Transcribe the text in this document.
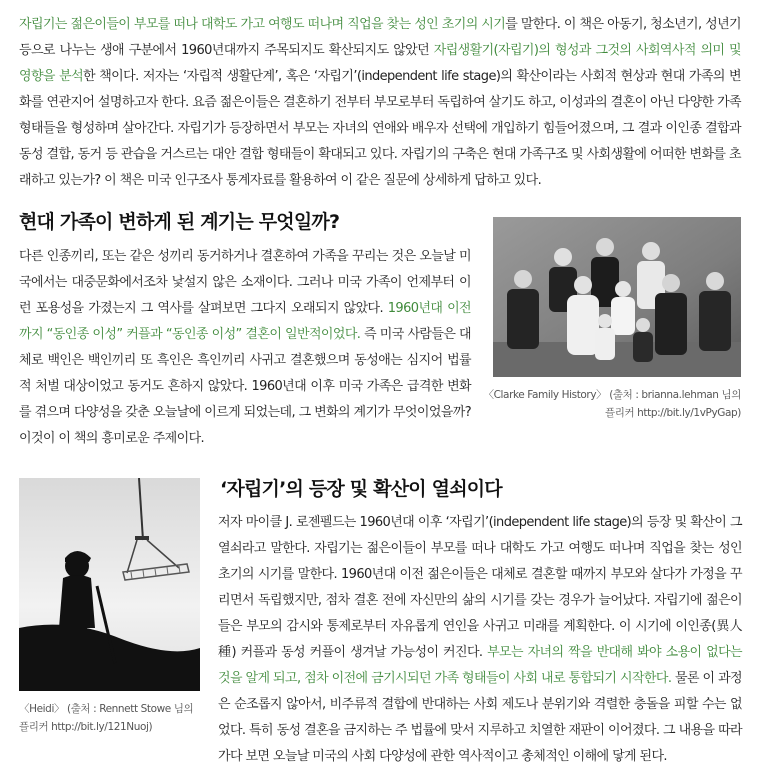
자립기는 젊은이들이 부모를 떠나 대학도 가고 여행도 떠나며 직업을 찾는 성인 초기의 시기를 말한다. 이 책은 아동기, 청소년기, 성년기 등으로 나누는 생애 구분에서 1960년대까지 주목되지도 확산되지도 않았던 자립생활기(자립기)의 형성과 그것의 사회역사적 의미 및 영향을 분석한 책이다. 저자는 ‘자립적 생활단계’, 혹은 ‘자립기’(independent life stage)의 확산이라는 사회적 현상과 현대 가족의 변화를 연관지어 설명하고자 한다. 요즘 젊은이들은 결혼하기 전부터 부모로부터 독립하여 살기도 하고, 이성과의 결혼이 아닌 다양한 가족 형태들을 형성하며 살아간다. 자립기가 등장하면서 부모는 자녀의 연애와 배우자 선택에 개입하기 힘들어졌으며, 그 결과 이인종 결합과 동성 결합, 동거 등 관습을 거스르는 대안 결합 형태들이 확대되고 있다. 자립기의 구축은 현대 가족구조 및 사회생활에 어떠한 변화를 초래하고 있는가? 이 책은 미국 인구조사 통계자료를 활용하여 이 같은 질문에 상세하게 답하고 있다.

현대 가족이 변하게 된 계기는 무엇일까?

다른 인종끼리, 또는 같은 성끼리 동거하거나 결혼하여 가족을 꾸리는 것은 오늘날 미국에서는 대중문화에서조차 낯설지 않은 소재이다. 그러나 미국 가족이 언제부터 이런 포용성을 가졌는지 그 역사를 살펴보면 그다지 오래되지 않았다. 1960년대 이전까지 “동인종 이성” 커플과 “동인종 이성” 결혼이 일반적이었다. 즉 미국 사람들은 대체로 백인은 백인끼리 또 흑인은 흑인끼리 사귀고 결혼했으며 동성애는 심지어 법률적 처벌 대상이었고 동거도 흔하지 않았다. 1960년대 이후 미국 가족은 급격한 변화를 겪으며 다양성을 갖춘 오늘날에 이르게 되었는데, 그 변화의 계기가 무엇이었을까? 이것이 이 책의 흥미로운 주제이다.

〈Clarke Family History〉 (출처 : brianna.lehman 님의 플리커 http://bit.ly/1vPyGap)

‘자립기’의 등장 및 확산이 열쇠이다

〈Heidi〉 (출처 : Rennett Stowe 님의 플리커 http://bit.ly/121Nuoj)

저자 마이클 J. 로젠펠드는 1960년대 이후 ‘자립기’(independent life stage)의 등장 및 확산이 그 열쇠라고 말한다. 자립기는 젊은이들이 부모를 떠나 대학도 가고 여행도 떠나며 직업을 찾는 성인 초기의 시기를 말한다. 1960년대 이전 젊은이들은 대체로 결혼할 때까지 부모와 살다가 가정을 꾸리면서 독립했지만, 점차 결혼 전에 자신만의 삶의 시기를 갖는 경우가 늘어났다. 자립기에 젊은이들은 부모의 감시와 통제로부터 자유롭게 연인을 사귀고 미래를 계획한다. 이 시기에 이인종(異人種) 커플과 동성 커플이 생겨날 가능성이 커진다. 부모는 자녀의 짝을 반대해 봐야 소용이 없다는 것을 알게 되고, 점차 이전에 금기시되던 가족 형태들이 사회 내로 통합되기 시작한다. 물론 이 과정은 순조롭지 않아서, 비주류적 결합에 반대하는 사회 제도나 분위기와 격렬한 충돌을 피할 수는 없었다. 특히 동성 결혼을 금지하는 주 법률에 맞서 지루하고 치열한 재판이 이어졌다. 그 내용을 따라가다 보면 오늘날 미국의 사회 다양성에 관한 역사적이고 총체적인 이해에 닿게 된다.
